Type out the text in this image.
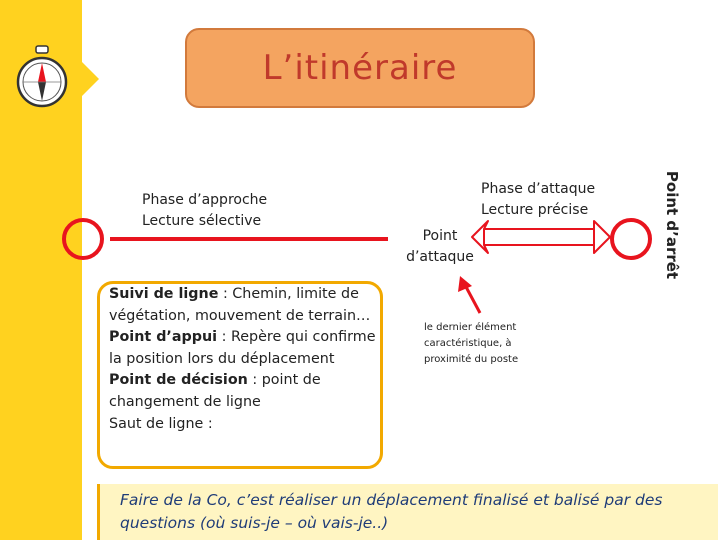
L’itinéraire
Phase d’approche
Lecture sélective
Point
d’attaque
Phase d’attaque
Lecture précise	Point d’arrêt
Suivi de ligne : Chemin, limite de végétation, mouvement de terrain…
Point d’appui : Repère qui confirme la position lors du déplacement
Point de décision : point de changement de ligne
Saut de ligne :
le dernier élément caractéristique, à proximité du poste
Faire de la Co, c’est réaliser un déplacement finalisé et balisé par des questions (où suis-je – où vais-je..)
